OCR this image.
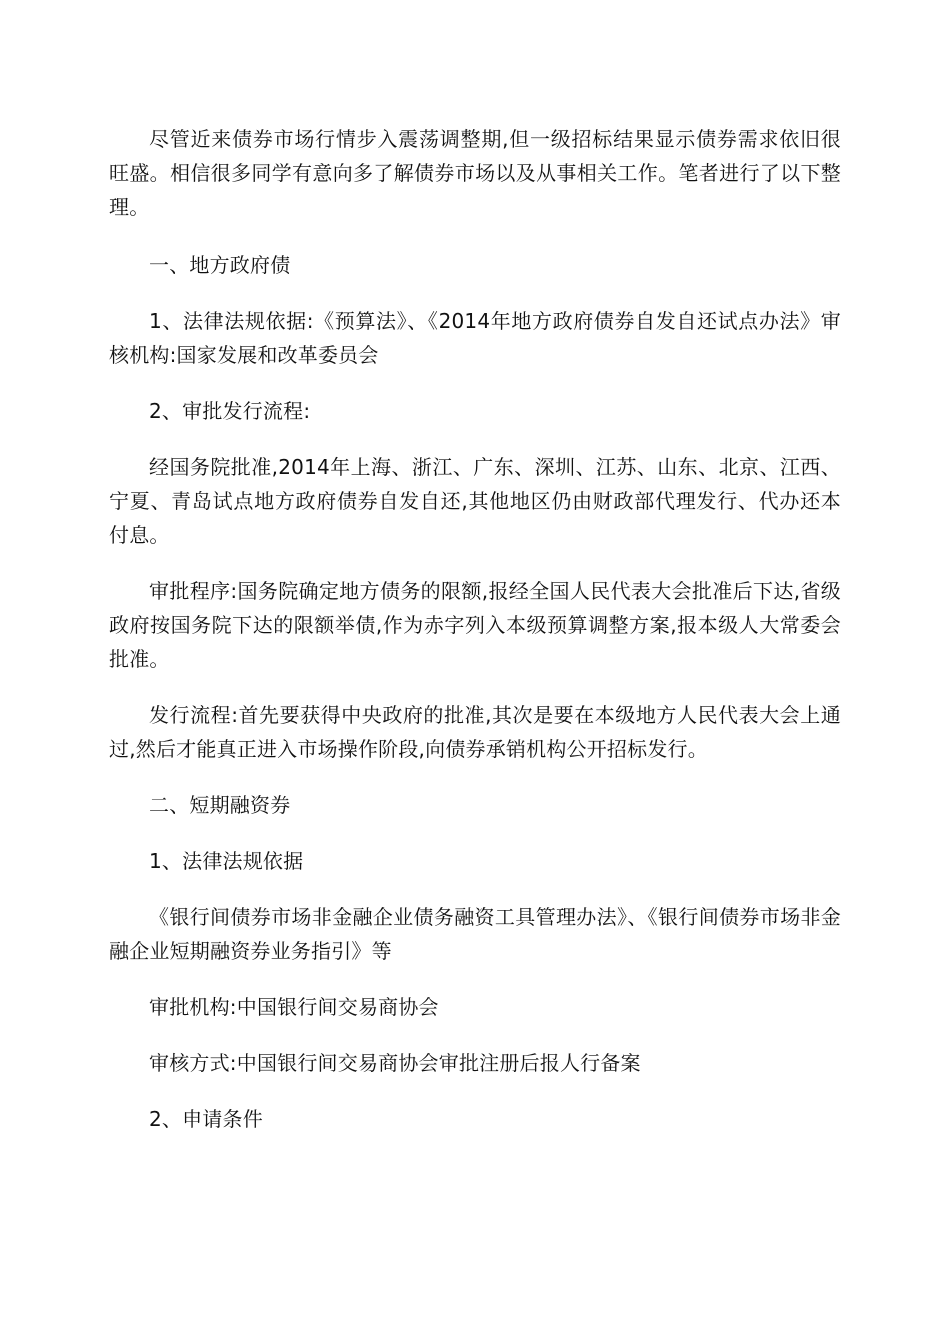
尽管近来债券市场行情步入震荡调整期,但一级招标结果显示债券需求依旧很旺盛。相信很多同学有意向多了解债券市场以及从事相关工作。笔者进行了以下整理。

一、地方政府债

1、法律法规依据:《预算法》、《2014年地方政府债券自发自还试点办法》审核机构:国家发展和改革委员会

2、审批发行流程:

经国务院批准,2014年上海、浙江、广东、深圳、江苏、山东、北京、江西、宁夏、青岛试点地方政府债券自发自还,其他地区仍由财政部代理发行、代办还本付息。

审批程序:国务院确定地方债务的限额,报经全国人民代表大会批准后下达,省级政府按国务院下达的限额举债,作为赤字列入本级预算调整方案,报本级人大常委会批准。

发行流程:首先要获得中央政府的批准,其次是要在本级地方人民代表大会上通过,然后才能真正进入市场操作阶段,向债券承销机构公开招标发行。

二、短期融资券

1、法律法规依据

《银行间债券市场非金融企业债务融资工具管理办法》、《银行间债券市场非金融企业短期融资券业务指引》等

审批机构:中国银行间交易商协会

审核方式:中国银行间交易商协会审批注册后报人行备案

2、申请条件
